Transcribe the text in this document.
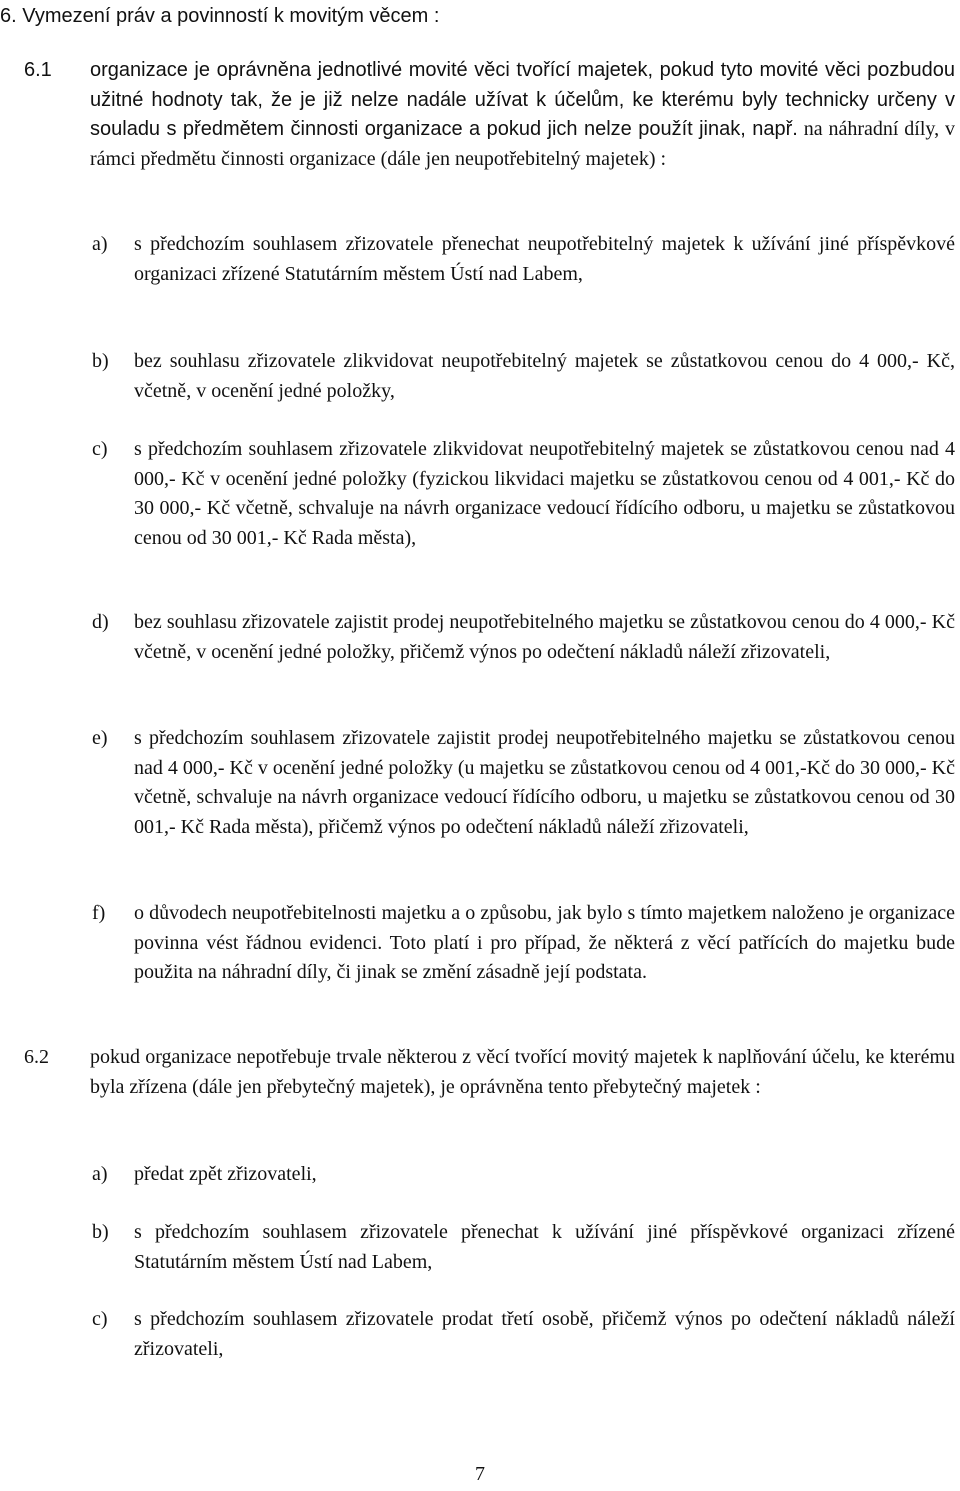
6. Vymezení práv a povinností k movitým věcem :
6.1	organizace je oprávněna jednotlivé movité věci tvořící majetek, pokud tyto movité věci pozbudou užitné hodnoty tak, že je již nelze nadále užívat k účelům, ke kterému byly technicky určeny v souladu s předmětem činnosti organizace a pokud jich nelze použít jinak, např. na náhradní díly, v rámci předmětu činnosti organizace (dále jen neupotřebitelný majetek) :
a)	s předchozím souhlasem zřizovatele přenechat neupotřebitelný majetek k užívání jiné příspěvkové organizaci zřízené Statutárním městem Ústí nad Labem,
b)	bez souhlasu zřizovatele zlikvidovat neupotřebitelný majetek se zůstatkovou cenou do 4 000,- Kč, včetně, v ocenění jedné položky,
c)	s předchozím souhlasem zřizovatele zlikvidovat neupotřebitelný majetek se zůstatkovou cenou nad 4 000,- Kč v ocenění jedné položky (fyzickou likvidaci majetku se zůstatkovou cenou od 4 001,- Kč do 30 000,- Kč včetně, schvaluje na návrh organizace vedoucí řídícího odboru, u majetku se zůstatkovou cenou od 30 001,- Kč Rada města),
d)	bez souhlasu zřizovatele zajistit prodej neupotřebitelného majetku se zůstatkovou cenou do 4 000,- Kč včetně, v ocenění jedné položky, přičemž výnos po odečtení nákladů náleží zřizovateli,
e)	s předchozím souhlasem zřizovatele zajistit prodej neupotřebitelného majetku se zůstatkovou cenou nad 4 000,- Kč v ocenění jedné položky (u majetku se zůstatkovou cenou od 4 001,-Kč do 30 000,- Kč včetně, schvaluje na návrh organizace vedoucí řídícího odboru, u majetku se zůstatkovou cenou od 30 001,- Kč Rada města), přičemž výnos po odečtení nákladů náleží zřizovateli,
f)	o důvodech neupotřebitelnosti majetku a o způsobu, jak bylo s tímto majetkem naloženo je organizace povinna vést řádnou evidenci. Toto platí i pro případ, že některá z věcí patřících do majetku bude použita na náhradní díly, či jinak se změní zásadně její podstata.
6.2	pokud organizace nepotřebuje trvale některou z věcí tvořící movitý majetek k naplňování účelu, ke kterému byla zřízena (dále jen přebytečný majetek), je oprávněna tento přebytečný majetek :
a)	předat zpět zřizovateli,
b)	s předchozím souhlasem zřizovatele přenechat k užívání jiné příspěvkové organizaci zřízené Statutárním městem Ústí nad Labem,
c)	s předchozím souhlasem zřizovatele prodat třetí osobě, přičemž výnos po odečtení nákladů náleží zřizovateli,
7
